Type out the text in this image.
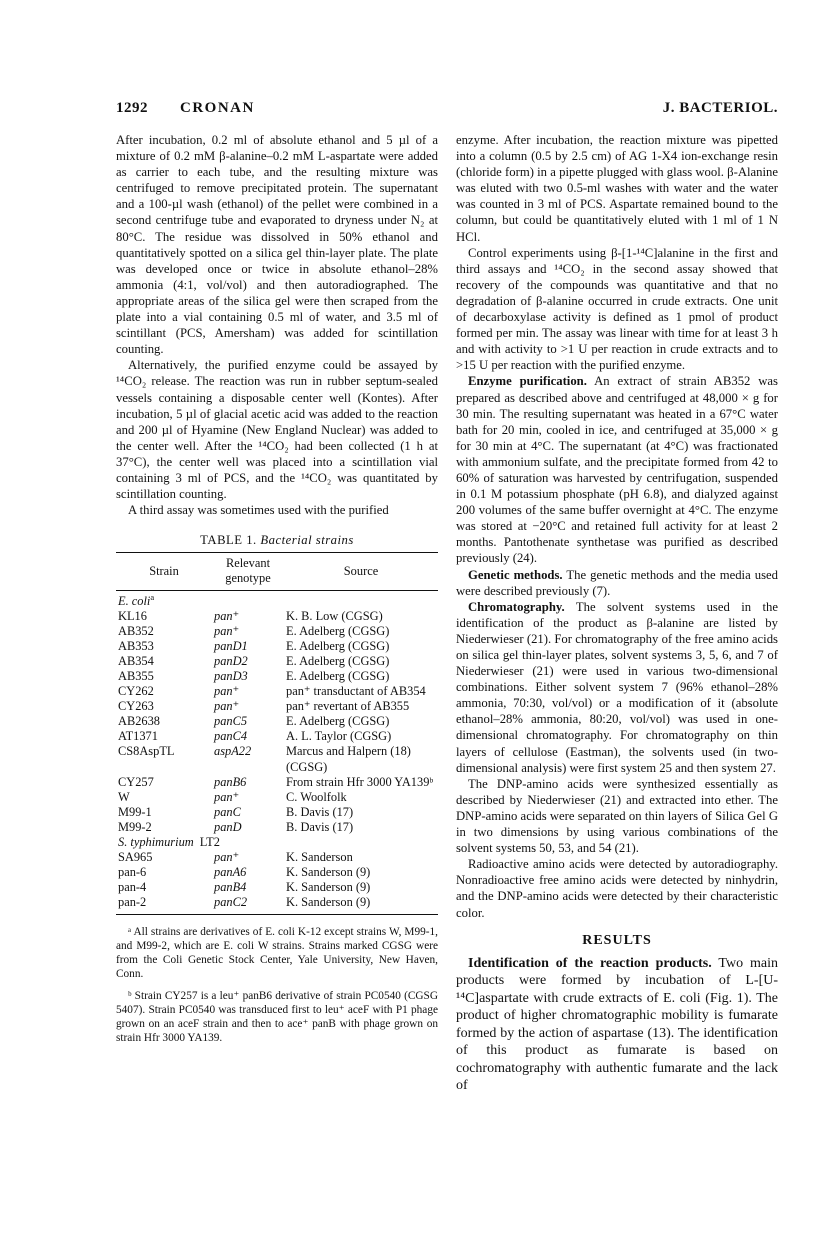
1292 CRONAN	J. BACTERIOL.

After incubation, 0.2 ml of absolute ethanol and 5 µl of a mixture of 0.2 mM β-alanine–0.2 mM L-aspartate were added as carrier to each tube, and the resulting mixture was centrifuged to remove precipitated protein. The supernatant and a 100-µl wash (ethanol) of the pellet were combined in a second centrifuge tube and evaporated to dryness under N₂ at 80°C. The residue was dissolved in 50% ethanol and quantitatively spotted on a silica gel thin-layer plate. The plate was developed once or twice in absolute ethanol–28% ammonia (4:1, vol/vol) and then autoradiographed. The appropriate areas of the silica gel were then scraped from the plate into a vial containing 0.5 ml of water, and 3.5 ml of scintillant (PCS, Amersham) was added for scintillation counting.

Alternatively, the purified enzyme could be assayed by ¹⁴CO₂ release. The reaction was run in rubber septum-sealed vessels containing a disposable center well (Kontes). After incubation, 5 µl of glacial acetic acid was added to the reaction and 200 µl of Hyamine (New England Nuclear) was added to the center well. After the ¹⁴CO₂ had been collected (1 h at 37°C), the center well was placed into a scintillation vial containing 3 ml of PCS, and the ¹⁴CO₂ was quantitated by scintillation counting.

A third assay was sometimes used with the purified

TABLE 1. Bacterial strains
Strain	Relevant genotype	Source
E. coli$^a$
KL16	pan⁺	K. B. Low (CGSG)
AB352	pan⁺	E. Adelberg (CGSG)
AB353	panD1	E. Adelberg (CGSG)
AB354	panD2	E. Adelberg (CGSG)
AB355	panD3	E. Adelberg (CGSG)
CY262	pan⁺	pan⁺ transductant of AB354
CY263	pan⁺	pan⁺ revertant of AB355
AB2638	panC5	E. Adelberg (CGSG)
AT1371	panC4	A. L. Taylor (CGSG)
CS8AspTL	aspA22	Marcus and Halpern (18) (CGSG)
CY257	panB6	From strain Hfr 3000 YA139ᵇ
W	pan⁺	C. Woolfolk
M99-1	panC	B. Davis (17)
M99-2	panD	B. Davis (17)
S. typhimurium LT2		
SA965	pan⁺	K. Sanderson
pan-6	panA6	K. Sanderson (9)
pan-4	panB4	K. Sanderson (9)
pan-2	panC2	K. Sanderson (9)

ᵃ All strains are derivatives of E. coli K-12 except strains W, M99-1, and M99-2, which are E. coli W strains. Strains marked CGSG were from the Coli Genetic Stock Center, Yale University, New Haven, Conn.

ᵇ Strain CY257 is a leu⁺ panB6 derivative of strain PC0540 (CGSG 5407). Strain PC0540 was transduced first to leu⁺ aceF with P1 phage grown on an aceF strain and then to ace⁺ panB with phage grown on strain Hfr 3000 YA139.

enzyme. After incubation, the reaction mixture was pipetted into a column (0.5 by 2.5 cm) of AG 1-X4 ion-exchange resin (chloride form) in a pipette plugged with glass wool. β-Alanine was eluted with two 0.5-ml washes with water and the water was counted in 3 ml of PCS. Aspartate remained bound to the column, but could be quantitatively eluted with 1 ml of 1 N HCl.

Control experiments using β-[1-¹⁴C]alanine in the first and third assays and ¹⁴CO₂ in the second assay showed that recovery of the compounds was quantitative and that no degradation of β-alanine occurred in crude extracts. One unit of decarboxylase activity is defined as 1 pmol of product formed per min. The assay was linear with time for at least 3 h and with activity to >1 U per reaction in crude extracts and to >15 U per reaction with the purified enzyme.

Enzyme purification. An extract of strain AB352 was prepared as described above and centrifuged at 48,000 × g for 30 min. The resulting supernatant was heated in a 67°C water bath for 20 min, cooled in ice, and centrifuged at 35,000 × g for 30 min at 4°C. The supernatant (at 4°C) was fractionated with ammonium sulfate, and the precipitate formed from 42 to 60% of saturation was harvested by centrifugation, suspended in 0.1 M potassium phosphate (pH 6.8), and dialyzed against 200 volumes of the same buffer overnight at 4°C. The enzyme was stored at −20°C and retained full activity for at least 2 months. Pantothenate synthetase was purified as described previously (24).

Genetic methods. The genetic methods and the media used were described previously (7).

Chromatography. The solvent systems used in the identification of the product as β-alanine are listed by Niederwieser (21). For chromatography of the free amino acids on silica gel thin-layer plates, solvent systems 3, 5, 6, and 7 of Niederwieser (21) were used in various two-dimensional combinations. Either solvent system 7 (96% ethanol–28% ammonia, 70:30, vol/vol) or a modification of it (absolute ethanol–28% ammonia, 80:20, vol/vol) was used in one-dimensional chromatography. For chromatography on thin layers of cellulose (Eastman), the solvents used (in two-dimensional analysis) were first system 25 and then system 27.

The DNP-amino acids were synthesized essentially as described by Niederwieser (21) and extracted into ether. The DNP-amino acids were separated on thin layers of Silica Gel G in two dimensions by using various combinations of the solvent systems 50, 53, and 54 (21).

Radioactive amino acids were detected by autoradiography. Nonradioactive free amino acids were detected by ninhydrin, and the DNP-amino acids were detected by their characteristic color.

RESULTS

Identification of the reaction products. Two main products were formed by incubation of L-[U-¹⁴C]aspartate with crude extracts of E. coli (Fig. 1). The product of higher chromatographic mobility is fumarate formed by the action of aspartase (13). The identification of this product as fumarate is based on cochromatography with authentic fumarate and the lack of
